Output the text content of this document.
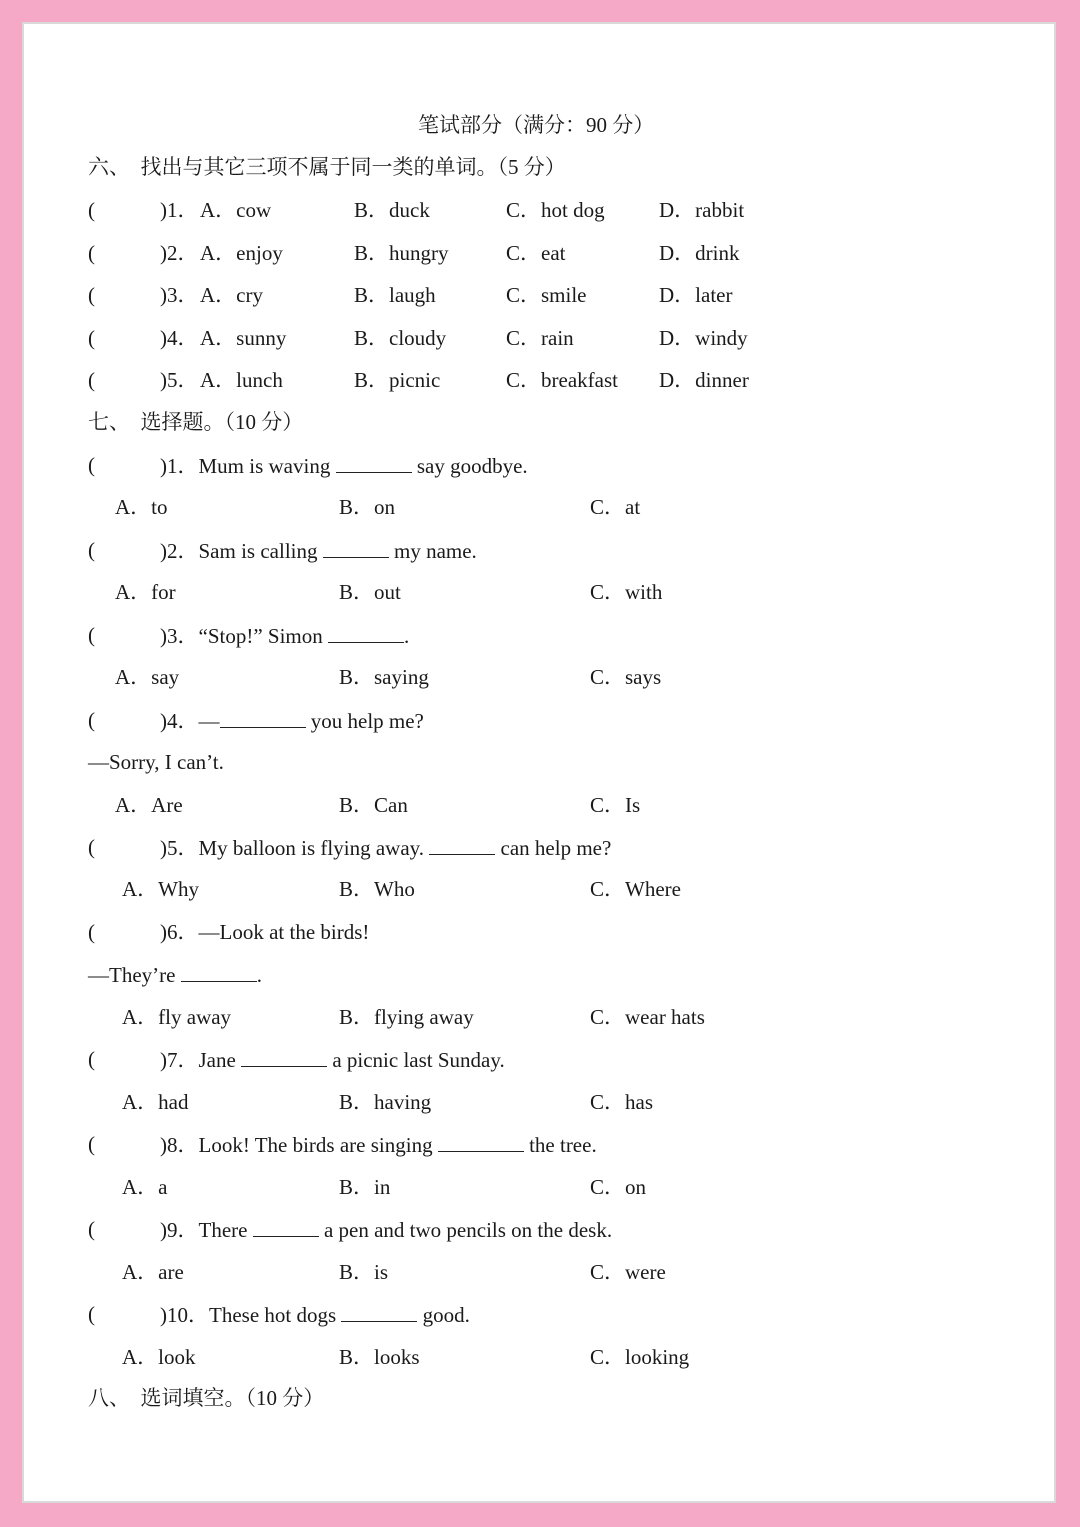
笔试部分（满分：90 分）
六、　找出与其它三项不属于同一类的单词。（5 分）
(	)1． A．cow	B．duck	C．hot dog	D．rabbit
(	)2． A．enjoy	B．hungry	C．eat	D．drink
(	)3． A．cry	B．laugh	C．smile	D．later
(	)4． A．sunny	B．cloudy	C．rain	D．windy
(	)5． A．lunch	B．picnic	C．breakfast D．dinner
七、　选择题。（10 分）
(	)1．Mum is waving	say goodbye.
A．to	B．on	C．at
(	)2．Sam is calling	my name.
A．for	B．out	C．with
(	)3．“Stop!” Simon	.
A．say	B．saying	C．says
(	)4．—	you help me?
—Sorry, I can’t.
A．Are	B．Can	C．Is
(	)5．My balloon is flying away.	can help me?
A．Why	B．Who	C．Where
(	)6．—Look at the birds!
—They’re	.
A．fly away	B．flying away	C．wear hats
(	)7．Jane	a picnic last Sunday.
A．had	B．having	C．has
(	)8．Look! The birds are singing	the tree.
A．a	B．in	C．on
(	)9．There	a pen and two pencils on the desk.
A．are	B．is	C．were
(	)10．These hot dogs	good.
A．look	B．looks	C．looking
八、　选词填空。（10 分）
